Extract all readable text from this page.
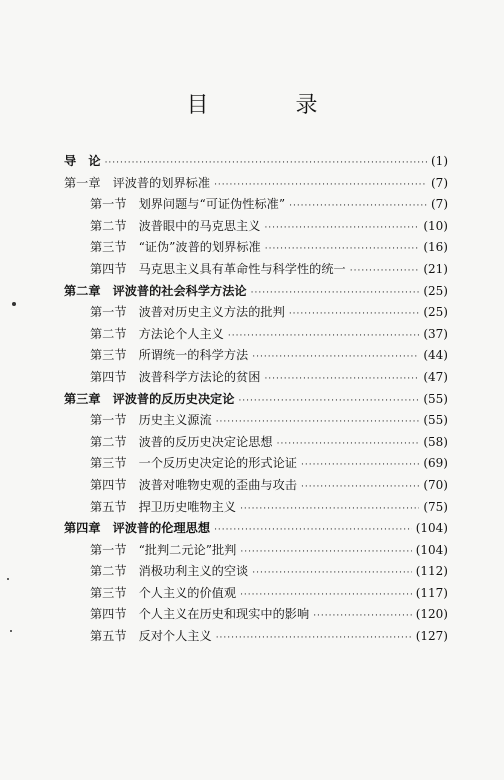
目 录
导　论 ·····	(1)
第一章 评波普的划界标准 ·····	(7)
第一节 划界问题与“可证伪性标准” ·····	(7)
第二节 波普眼中的马克思主义 ·····	(10)
第三节 “证伪”波普的划界标准 ·····	(16)
第四节 马克思主义具有革命性与科学性的统一 ·····	(21)
第二章 评波普的社会科学方法论 ·····	(25)
第一节 波普对历史主义方法的批判 ·····	(25)
第二节 方法论个人主义 ·····	(37)
第三节 所谓统一的科学方法 ·····	(44)
第四节 波普科学方法论的贫困 ·····	(47)
第三章 评波普的反历史决定论 ·····	(55)
第一节 历史主义源流 ·····	(55)
第二节 波普的反历史决定论思想 ·····	(58)
第三节 一个反历史决定论的形式论证 ·····	(69)
第四节 波普对唯物史观的歪曲与攻击 ·····	(70)
第五节 捍卫历史唯物主义 ·····	(75)
第四章 评波普的伦理思想 ·····	(104)
第一节 “批判二元论”批判 ·····	(104)
第二节 消极功利主义的空谈 ·····	(112)
第三节 个人主义的价值观 ·····	(117)
第四节 个人主义在历史和现实中的影响 ·····	(120)
第五节 反对个人主义 ·····	(127)
